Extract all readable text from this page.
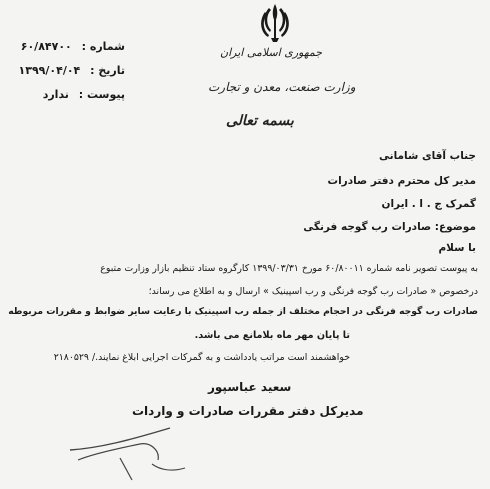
جمهوری اسلامی ایران
وزارت صنعت، معدن و تجارت
بسمه تعالی
شماره : ۶۰/۸۴۷۰۰
تاریخ : ۱۳۹۹/۰۴/۰۴
پیوست : ندارد
جناب آقای شامانی
مدیر کل محترم دفتر صادرات
گمرک ج . ا . ایران
موضوع: صادرات رب گوجه فرنگی
با سلام
به پیوست تصویر نامه شماره ۶۰/۸۰۰۱۱ مورخ ۱۳۹۹/۰۳/۳۱ کارگروه ستاد تنظیم بازار وزارت متبوع
درخصوص « صادرات رب گوجه فرنگی و رب اسپینیک » ارسال و به اطلاع می رساند؛
صادرات رب گوجه فرنگی در احجام مختلف از جمله رب اسپینیک با رعایت سایر ضوابط و مقررات مربوطه
تا پایان مهر ماه بلامانع می باشد.
خواهشمند است مراتب یادداشت و به گمرکات اجرایی ابلاغ نمایند./ ۲۱۸۰۵۲۹
سعید عباسپور
مدیرکل دفتر مقررات صادرات و واردات
